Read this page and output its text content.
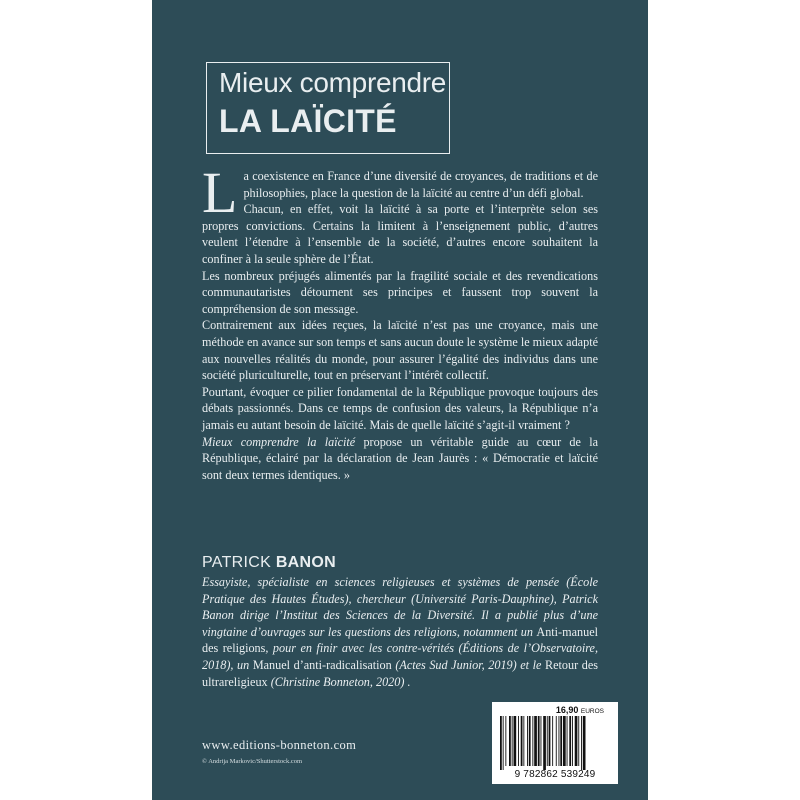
Mieux comprendre
LA LAÏCITÉ

La coexistence en France d’une diversité de croyances, de traditions et de philosophies, place la question de la laïcité au centre d’un défi global.

Chacun, en effet, voit la laïcité à sa porte et l’interprète selon ses propres convictions. Certains la limitent à l’enseignement public, d’autres veulent l’étendre à l’ensemble de la société, d’autres encore souhaitent la confiner à la seule sphère de l’État.

Les nombreux préjugés alimentés par la fragilité sociale et des revendications communautaristes détournent ses principes et faussent trop souvent la compréhension de son message.

Contrairement aux idées reçues, la laïcité n’est pas une croyance, mais une méthode en avance sur son temps et sans aucun doute le système le mieux adapté aux nouvelles réalités du monde, pour assurer l’égalité des individus dans une société pluriculturelle, tout en préservant l’intérêt collectif.

Pourtant, évoquer ce pilier fondamental de la République provoque toujours des débats passionnés. Dans ce temps de confusion des valeurs, la République n’a jamais eu autant besoin de laïcité. Mais de quelle laïcité s’agit-il vraiment ?

Mieux comprendre la laïcité propose un véritable guide au cœur de la République, éclairé par la déclaration de Jean Jaurès : « Démocratie et laïcité sont deux termes identiques. »

PATRICK BANON
Essayiste, spécialiste en sciences religieuses et systèmes de pensée (École Pratique des Hautes Études), chercheur (Université Paris-Dauphine), Patrick Banon dirige l’Institut des Sciences de la Diversité. Il a publié plus d’une vingtaine d’ouvrages sur les questions des religions, notamment un Anti-manuel des religions, pour en finir avec les contre-vérités (Éditions de l’Observatoire, 2018), un Manuel d’anti-radicalisation (Actes Sud Junior, 2019) et le Retour des ultrareligieux (Christine Bonneton, 2020) .
www.editions-bonneton.com
© Andrija Markovic/Shutterstock.com
16,90 EUROS
9 782862 539249
